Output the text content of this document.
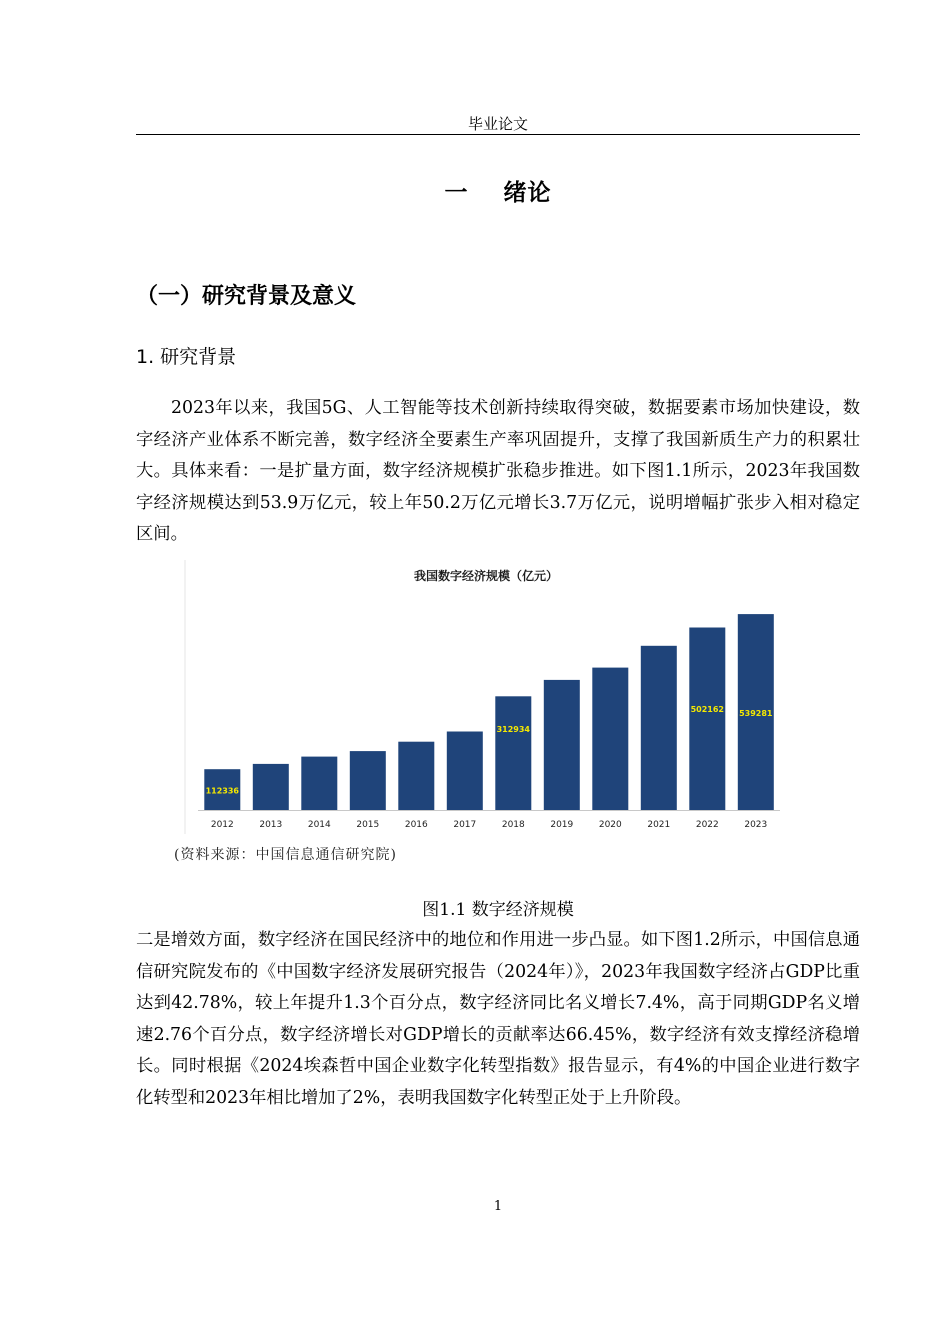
毕业论文
一 绪论
（一）研究背景及意义
1. 研究背景

2023年以来，我国5G、人工智能等技术创新持续取得突破，数据要素市场加快建设，数字经济产业体系不断完善，数字经济全要素生产率巩固提升，支撑了我国新质生产力的积累壮大。具体来看：一是扩量方面，数字经济规模扩张稳步推进。如下图1.1所示，2023年我国数字经济规模达到53.9万亿元，较上年50.2万亿元增长3.7万亿元，说明增幅扩张步入相对稳定区间。

我国数字经济规模（亿元）
2012
112336
2013	2014	2015	2016	2017	2018
312934
2019	2020	2021	2022
502162
2023
539281
(资料来源：中国信息通信研究院)
图1.1 数字经济规模

二是增效方面，数字经济在国民经济中的地位和作用进一步凸显。如下图1.2所示，中国信息通信研究院发布的《中国数字经济发展研究报告（2024年）》，2023年我国数字经济占GDP比重达到42.78%，较上年提升1.3个百分点，数字经济同比名义增长7.4%，高于同期GDP名义增速2.76个百分点，数字经济增长对GDP增长的贡献率达66.45%，数字经济有效支撑经济稳增长。同时根据《2024埃森哲中国企业数字化转型指数》报告显示，有4%的中国企业进行数字化转型和2023年相比增加了2%，表明我国数字化转型正处于上升阶段。

1
